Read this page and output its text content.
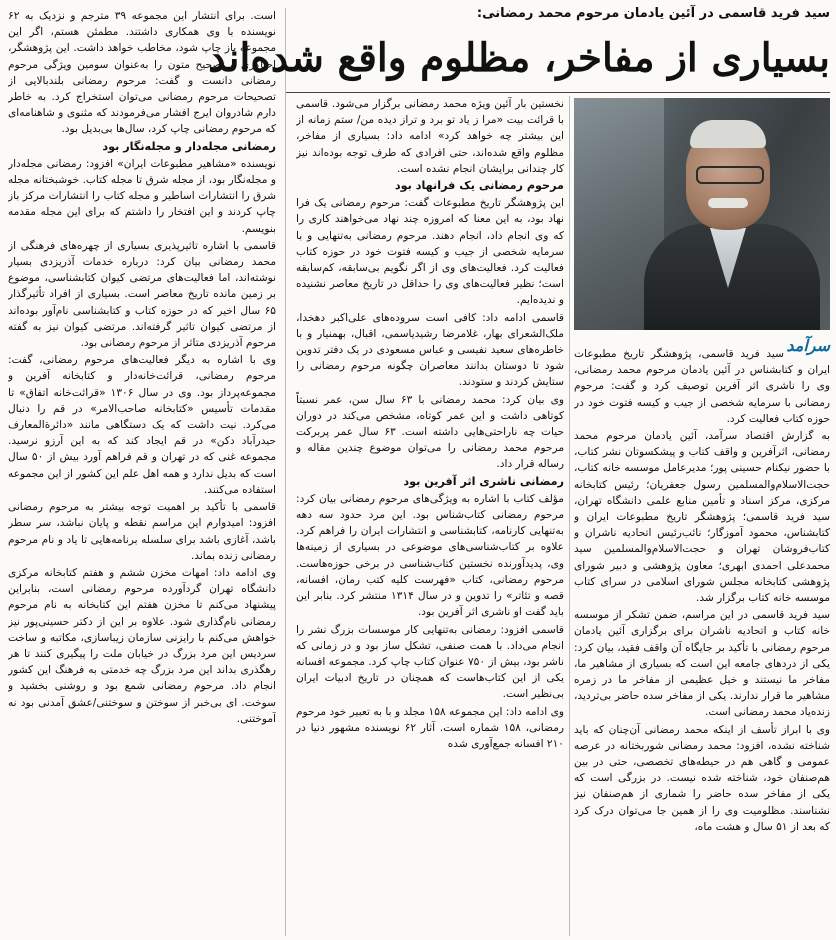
سید فرید قاسمی در آئین یادمان مرحوم محمد رمضانی:
بسیاری از مفاخر، مظلوم واقع شده‌اند
سرآمد

سید فرید قاسمی، پژوهشگر تاریخ مطبوعات ایران و کتابشناس در آئین یادمان مرحوم محمد رمضانی، وی را ناشری اثر آفرین توصیف کرد و گفت: مرحوم رمضانی با سرمایه شخصی از جیب و کیسه فتوت خود در حوزه کتاب فعالیت کرد.

به گزارش اقتصاد سرآمد، آئین یادمان مرحوم محمد رمضانی، اثرآفرین و واقف کتاب و پیشکسوتان نشر کتاب، با حضور نیکنام حسینی پور؛ مدیرعامل موسسه خانه کتاب، حجت‌الاسلام‌والمسلمین رسول جعفریان؛ رئیس کتابخانه مرکزی، مرکز اسناد و تأمین منابع علمی دانشگاه تهران، سید فرید قاسمی؛ پژوهشگر تاریخ مطبوعات ایران و کتابشناس، محمود آموزگار؛ نائب‌رئیس اتحادیه ناشران و کتاب‌فروشان تهران و حجت‌الاسلام‌والمسلمین سید محمدعلی احمدی ابهری؛ معاون پژوهشی و دبیر شورای پژوهشی کتابخانه مجلس شورای اسلامی در سرای کتاب موسسه خانه کتاب برگزار شد.

سید فرید قاسمی در این مراسم، ضمن تشکر از موسسه خانه کتاب و اتحادیه ناشران برای برگزاری آئین یادمان مرحوم رمضانی با تأکید بر جایگاه آن واقف فقید، بیان کرد: یکی از دردهای جامعه این است که بسیاری از مشاهیر ما، مفاخر ما نیستند و خیل عظیمی از مفاخر ما در زمره مشاهیر ما قرار ندارند. یکی از مفاخر سده حاضر بی‌تردید، زنده‌یاد محمد رمضانی است.

وی با ابراز تأسف از اینکه محمد رمضانی آن‌چنان که باید شناخته نشده، افزود: محمد رمضانی شوربختانه در عرصه عمومی و گاهی هم در حیطه‌های تخصصی، حتی در بین هم‌صنفان خود، شناخته شده نیست. در بزرگی است که یکی از مفاخر سده حاضر را شماری از هم‌صنفان نیز نشناسند. مظلومیت وی را از همین جا می‌توان درک کرد که بعد از ۵۱ سال و هشت ماه،

نخستین بار آئین ویژه محمد رمضانی برگزار می‌شود. قاسمی با قرائت بیت «مرا ز یاد تو برد و تراز دیده من/ ستم زمانه از این بیشتر چه خواهد کرد» ادامه داد: بسیاری از مفاخر، مظلوم واقع شده‌اند، حتی افرادی که طرف توجه بوده‌اند نیز کار چندانی برایشان انجام نشده است.

مرحوم رمضانی یک فرانهاد بود

این پژوهشگر تاریخ مطبوعات گفت: مرحوم رمضانی یک فرا نهاد بود، به این معنا که امروزه چند نهاد می‌خواهند کاری را که وی انجام داد، انجام دهند. مرحوم رمضانی به‌تنهایی و با سرمایه شخصی از جیب و کیسه فتوت خود در حوزه کتاب فعالیت کرد. فعالیت‌های وی از اگر نگویم بی‌سابقه، کم‌سابقه است؛ نظیر فعالیت‌های وی را حداقل در تاریخ معاصر نشنیده و ندیده‌ایم.

قاسمی ادامه داد: کافی است سروده‌های علی‌اکبر دهخدا، ملک‌الشعرای بهار، غلامرضا رشیدیاسمی، اقبال، بهمنیار و با خاطره‌های سعید نفیسی و عباس مسعودی در یک دفتر تدوین شود تا دوستان بدانند معاصران چگونه مرحوم رمضانی را ستایش کردند و ستودند.

وی بیان کرد: محمد رمضانی با ۶۳ سال سن، عمر نسبتاً کوتاهی داشت و این عمر کوتاه، مشخص می‌کند در دوران حیات چه ناراحتی‌هایی داشته است. ۶۳ سال عمر پربرکت مرحوم محمد رمضانی را می‌توان موضوع چندین مقاله و رساله قرار داد.

رمضانی ناشری اثر آفرین بود

مؤلف کتاب با اشاره به ویژگی‌های مرحوم رمضانی بیان کرد: مرحوم رمضانی کتاب‌شناس بود. این مرد حدود سه دهه به‌تنهایی کارنامه، کتابشناسی و انتشارات ایران را فراهم کرد. علاوه بر کتاب‌شناسی‌های موضوعی در بسیاری از زمینه‌ها وی، پدیدآورنده نخستین کتاب‌شناسی در برخی حوزه‌هاست. مرحوم رمضانی، کتاب «فهرست کلیه کتب رمان، افسانه، قصه و تئاتر» را تدوین و در سال ۱۳۱۴ منتشر کرد. بنابر این باید گفت او ناشری اثر آفرین بود.

قاسمی افزود: رمضانی به‌تنهایی کار موسسات بزرگ نشر را انجام می‌داد. با همت صنفی، تشکل ساز بود و در زمانی که ناشر بود، بیش از ۷۵۰ عنوان کتاب چاپ کرد. مجموعه افسانه یکی از این کتاب‌هاست که همچنان در تاریخ ادبیات ایران بی‌نظیر است.

وی ادامه داد: این مجموعه ۱۵۸ مجلد و با به تعبیر خود مرحوم رمضانی، ۱۵۸ شماره است. آثار ۶۲ نویسنده مشهور دنیا در ۲۱۰ افسانه جمع‌آوری شده

است. برای انتشار این مجموعه ۳۹ مترجم و نزدیک به ۶۲ نویسنده با وی همکاری داشتند. مطمئن هستم، اگر این مجموعه باز چاپ شود، مخاطب خواهد داشت. این پژوهشگر، احیاگری و تصحیح متون را به‌عنوان سومین ویژگی مرحوم رمضانی دانست و گفت: مرحوم رمضانی بلندبالایی از تصحیحات مرحوم رمضانی می‌توان استخراج کرد. به خاطر دارم شادروان ایرج افشار می‌فرمودند که مثنوی و شاهنامه‌ای که مرحوم رمضانی چاپ کرد، سال‌ها بی‌بدیل بود.

رمضانی مجله‌دار و مجله‌نگار بود

نویسنده «مشاهیر مطبوعات ایران» افزود: رمضانی مجله‌دار و مجله‌نگار بود، از مجله شرق تا مجله کتاب. خوشبختانه مجله شرق را انتشارات اساطیر و مجله کتاب را انتشارات مرکز باز چاپ کردند و این افتخار را داشتم که برای این مجله مقدمه بنویسم.

قاسمی با اشاره تاثیرپذیری بسیاری از چهره‌های فرهنگی از محمد رمضانی بیان کرد: درباره خدمات آذریزدی بسیار نوشته‌اند، اما فعالیت‌های مرتضی کیوان کتابشناسی، موضوع بر زمین مانده تاریخ معاصر است. بسیاری از افراد تأثیرگذار ۶۵ سال اخیر که در حوزه کتاب و کتابشناسی نام‌آور بوده‌اند از مرتضی کیوان تاثیر گرفته‌اند. مرتضی کیوان نیز به گفته مرحوم آذریزدی متاثر از مرحوم رمضانی بود.

وی با اشاره به دیگر فعالیت‌های مرحوم رمضانی، گفت: مرحوم رمضانی، قرائت‌خانه‌دار و کتابخانه آفرین و مجموعه‌پرداز بود. وی در سال ۱۳۰۶ «قرائت‌خانه اتفاق» تا مقدمات تأسیس «کتابخانه صاحب‌الامر» در قم را دنبال می‌کرد. نیت داشت که یک دستگاهی مانند «دائرةالمعارف حیدرآباد دکن» در قم ایجاد کند که به این آرزو نرسید. مجموعه غنی که در تهران و قم فراهم آورد بیش از ۵۰ سال است که بدیل ندارد و همه اهل علم این کشور از این مجموعه استفاده می‌کنند.

قاسمی با تأکید بر اهمیت توجه بیشتر به مرحوم رمضانی افزود: امیدوارم این مراسم نقطه و پایان نباشد، سر سطر باشد، آغازی باشد برای سلسله برنامه‌هایی تا یاد و نام مرحوم رمضانی زنده بماند.

وی ادامه داد: امهات مخزن ششم و هفتم کتابخانه مرکزی دانشگاه تهران گردآورده مرحوم رمضانی است، بنابراین پیشنهاد می‌کنم تا مخزن هفتم این کتابخانه به نام مرحوم رمضانی نام‌گذاری شود. علاوه بر این از دکتر حسینی‌پور نیز خواهش می‌کنم با رایزنی سازمان زیباسازی، مکاتبه و ساخت سردیس این مرد بزرگ در خیابان ملت را پیگیری کنند تا هر رهگذری بداند این مرد بزرگ چه خدمتی به فرهنگ این کشور انجام داد. مرحوم رمضانی شمع بود و روشنی بخشید و سوخت. ای بی‌خبر از سوختن و سوختنی/عشق آمدنی بود نه آموختنی.
